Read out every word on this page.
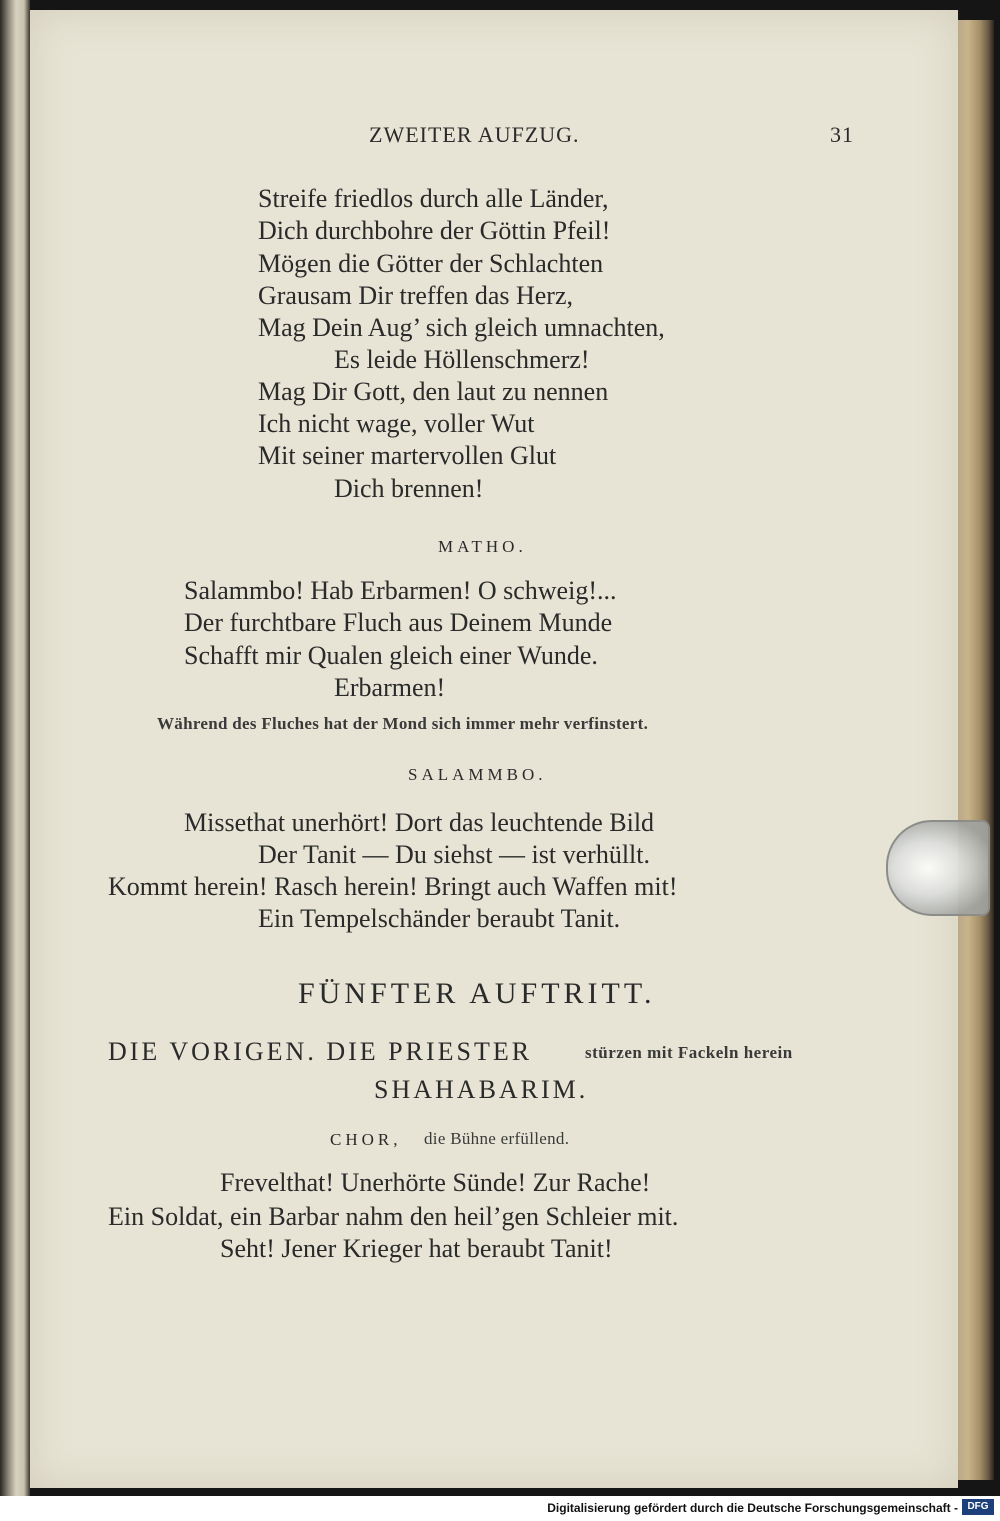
ZWEITER AUFZUG.	31
Streife friedlos durch alle Länder,
Dich durchbohre der Göttin Pfeil!
Mögen die Götter der Schlachten
Grausam Dir treffen das Herz,
Mag Dein Aug’ sich gleich umnachten,
Es leide Höllenschmerz!
Mag Dir Gott, den laut zu nennen
Ich nicht wage, voller Wut
Mit seiner martervollen Glut
Dich brennen!
MATHO.
Salammbo! Hab Erbarmen! O schweig!...
Der furchtbare Fluch aus Deinem Munde
Schafft mir Qualen gleich einer Wunde.
Erbarmen!
Während des Fluches hat der Mond sich immer mehr verfinstert.
SALAMMBO.
Missethat unerhört! Dort das leuchtende Bild
Der Tanit — Du siehst — ist verhüllt.
Kommt herein! Rasch herein! Bringt auch Waffen mit!
Ein Tempelschänder beraubt Tanit.
FÜNFTER AUFTRITT.
DIE VORIGEN. DIE PRIESTER	stürzen mit Fackeln herein
SHAHABARIM.
CHOR, die Bühne erfüllend.
Frevelthat! Unerhörte Sünde! Zur Rache!
Ein Soldat, ein Barbar nahm den heil’gen Schleier mit.
Seht! Jener Krieger hat beraubt Tanit!
Digitalisierung gefördert durch die Deutsche Forschungsgemeinschaft - DFG
